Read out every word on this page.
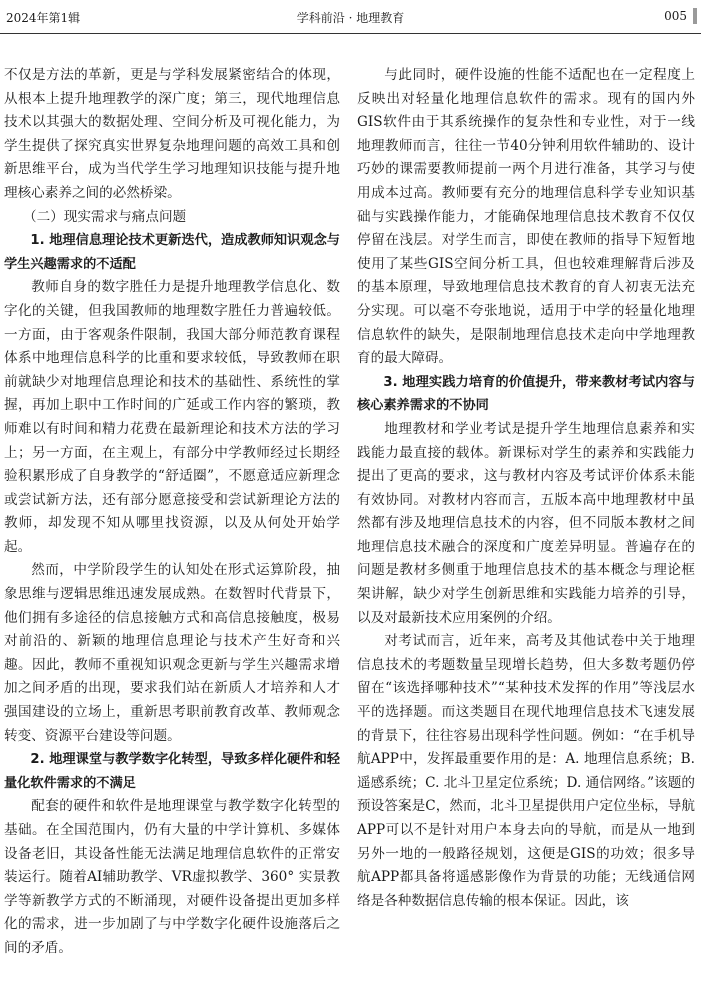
2024年第1辑	学科前沿 · 地理教育	005

不仅是方法的革新，更是与学科发展紧密结合的体现，从根本上提升地理教学的深广度；第三，现代地理信息技术以其强大的数据处理、空间分析及可视化能力，为学生提供了探究真实世界复杂地理问题的高效工具和创新思维平台，成为当代学生学习地理知识技能与提升地理核心素养之间的必然桥梁。

（二）现实需求与痛点问题
1. 地理信息理论技术更新迭代，造成教师知识观念与学生兴趣需求的不适配

教师自身的数字胜任力是提升地理教学信息化、数字化的关键，但我国教师的地理数字胜任力普遍较低。一方面，由于客观条件限制，我国大部分师范教育课程体系中地理信息科学的比重和要求较低，导致教师在职前就缺少对地理信息理论和技术的基础性、系统性的掌握，再加上职中工作时间的广延或工作内容的繁琐，教师难以有时间和精力花费在最新理论和技术方法的学习上；另一方面，在主观上，有部分中学教师经过长期经验积累形成了自身教学的“舒适圈”，不愿意适应新理念或尝试新方法，还有部分愿意接受和尝试新理论方法的教师，却发现不知从哪里找资源，以及从何处开始学起。

然而，中学阶段学生的认知处在形式运算阶段，抽象思维与逻辑思维迅速发展成熟。在数智时代背景下，他们拥有多途径的信息接触方式和高信息接触度，极易对前沿的、新颖的地理信息理论与技术产生好奇和兴趣。因此，教师不重视知识观念更新与学生兴趣需求增加之间矛盾的出现，要求我们站在新质人才培养和人才强国建设的立场上，重新思考职前教育改革、教师观念转变、资源平台建设等问题。

2. 地理课堂与教学数字化转型，导致多样化硬件和轻量化软件需求的不满足

配套的硬件和软件是地理课堂与教学数字化转型的基础。在全国范围内，仍有大量的中学计算机、多媒体设备老旧，其设备性能无法满足地理信息软件的正常安装运行。随着AI辅助教学、VR虚拟教学、360° 实景教学等新教学方式的不断涌现，对硬件设备提出更加多样化的需求，进一步加剧了与中学数字化硬件设施落后之间的矛盾。

与此同时，硬件设施的性能不适配也在一定程度上反映出对轻量化地理信息软件的需求。现有的国内外GIS软件由于其系统操作的复杂性和专业性，对于一线地理教师而言，往往一节40分钟利用软件辅助的、设计巧妙的课需要教师提前一两个月进行准备，其学习与使用成本过高。教师要有充分的地理信息科学专业知识基础与实践操作能力，才能确保地理信息技术教育不仅仅停留在浅层。对学生而言，即使在教师的指导下短暂地使用了某些GIS空间分析工具，但也较难理解背后涉及的基本原理，导致地理信息技术教育的育人初衷无法充分实现。可以毫不夸张地说，适用于中学的轻量化地理信息软件的缺失，是限制地理信息技术走向中学地理教育的最大障碍。

3. 地理实践力培育的价值提升，带来教材考试内容与核心素养需求的不协同

地理教材和学业考试是提升学生地理信息素养和实践能力最直接的载体。新课标对学生的素养和实践能力提出了更高的要求，这与教材内容及考试评价体系未能有效协同。对教材内容而言，五版本高中地理教材中虽然都有涉及地理信息技术的内容，但不同版本教材之间地理信息技术融合的深度和广度差异明显。普遍存在的问题是教材多侧重于地理信息技术的基本概念与理论框架讲解，缺少对学生创新思维和实践能力培养的引导，以及对最新技术应用案例的介绍。

对考试而言，近年来，高考及其他试卷中关于地理信息技术的考题数量呈现增长趋势，但大多数考题仍停留在“该选择哪种技术”“某种技术发挥的作用”等浅层水平的选择题。而这类题目在现代地理信息技术飞速发展的背景下，往往容易出现科学性问题。例如：“在手机导航APP中，发挥最重要作用的是：A. 地理信息系统；B. 遥感系统；C. 北斗卫星定位系统；D. 通信网络。”该题的预设答案是C，然而，北斗卫星提供用户定位坐标，导航APP可以不是针对用户本身去向的导航，而是从一地到另外一地的一般路径规划，这便是GIS的功效；很多导航APP都具备将遥感影像作为背景的功能；无线通信网络是各种数据信息传输的根本保证。因此，该
